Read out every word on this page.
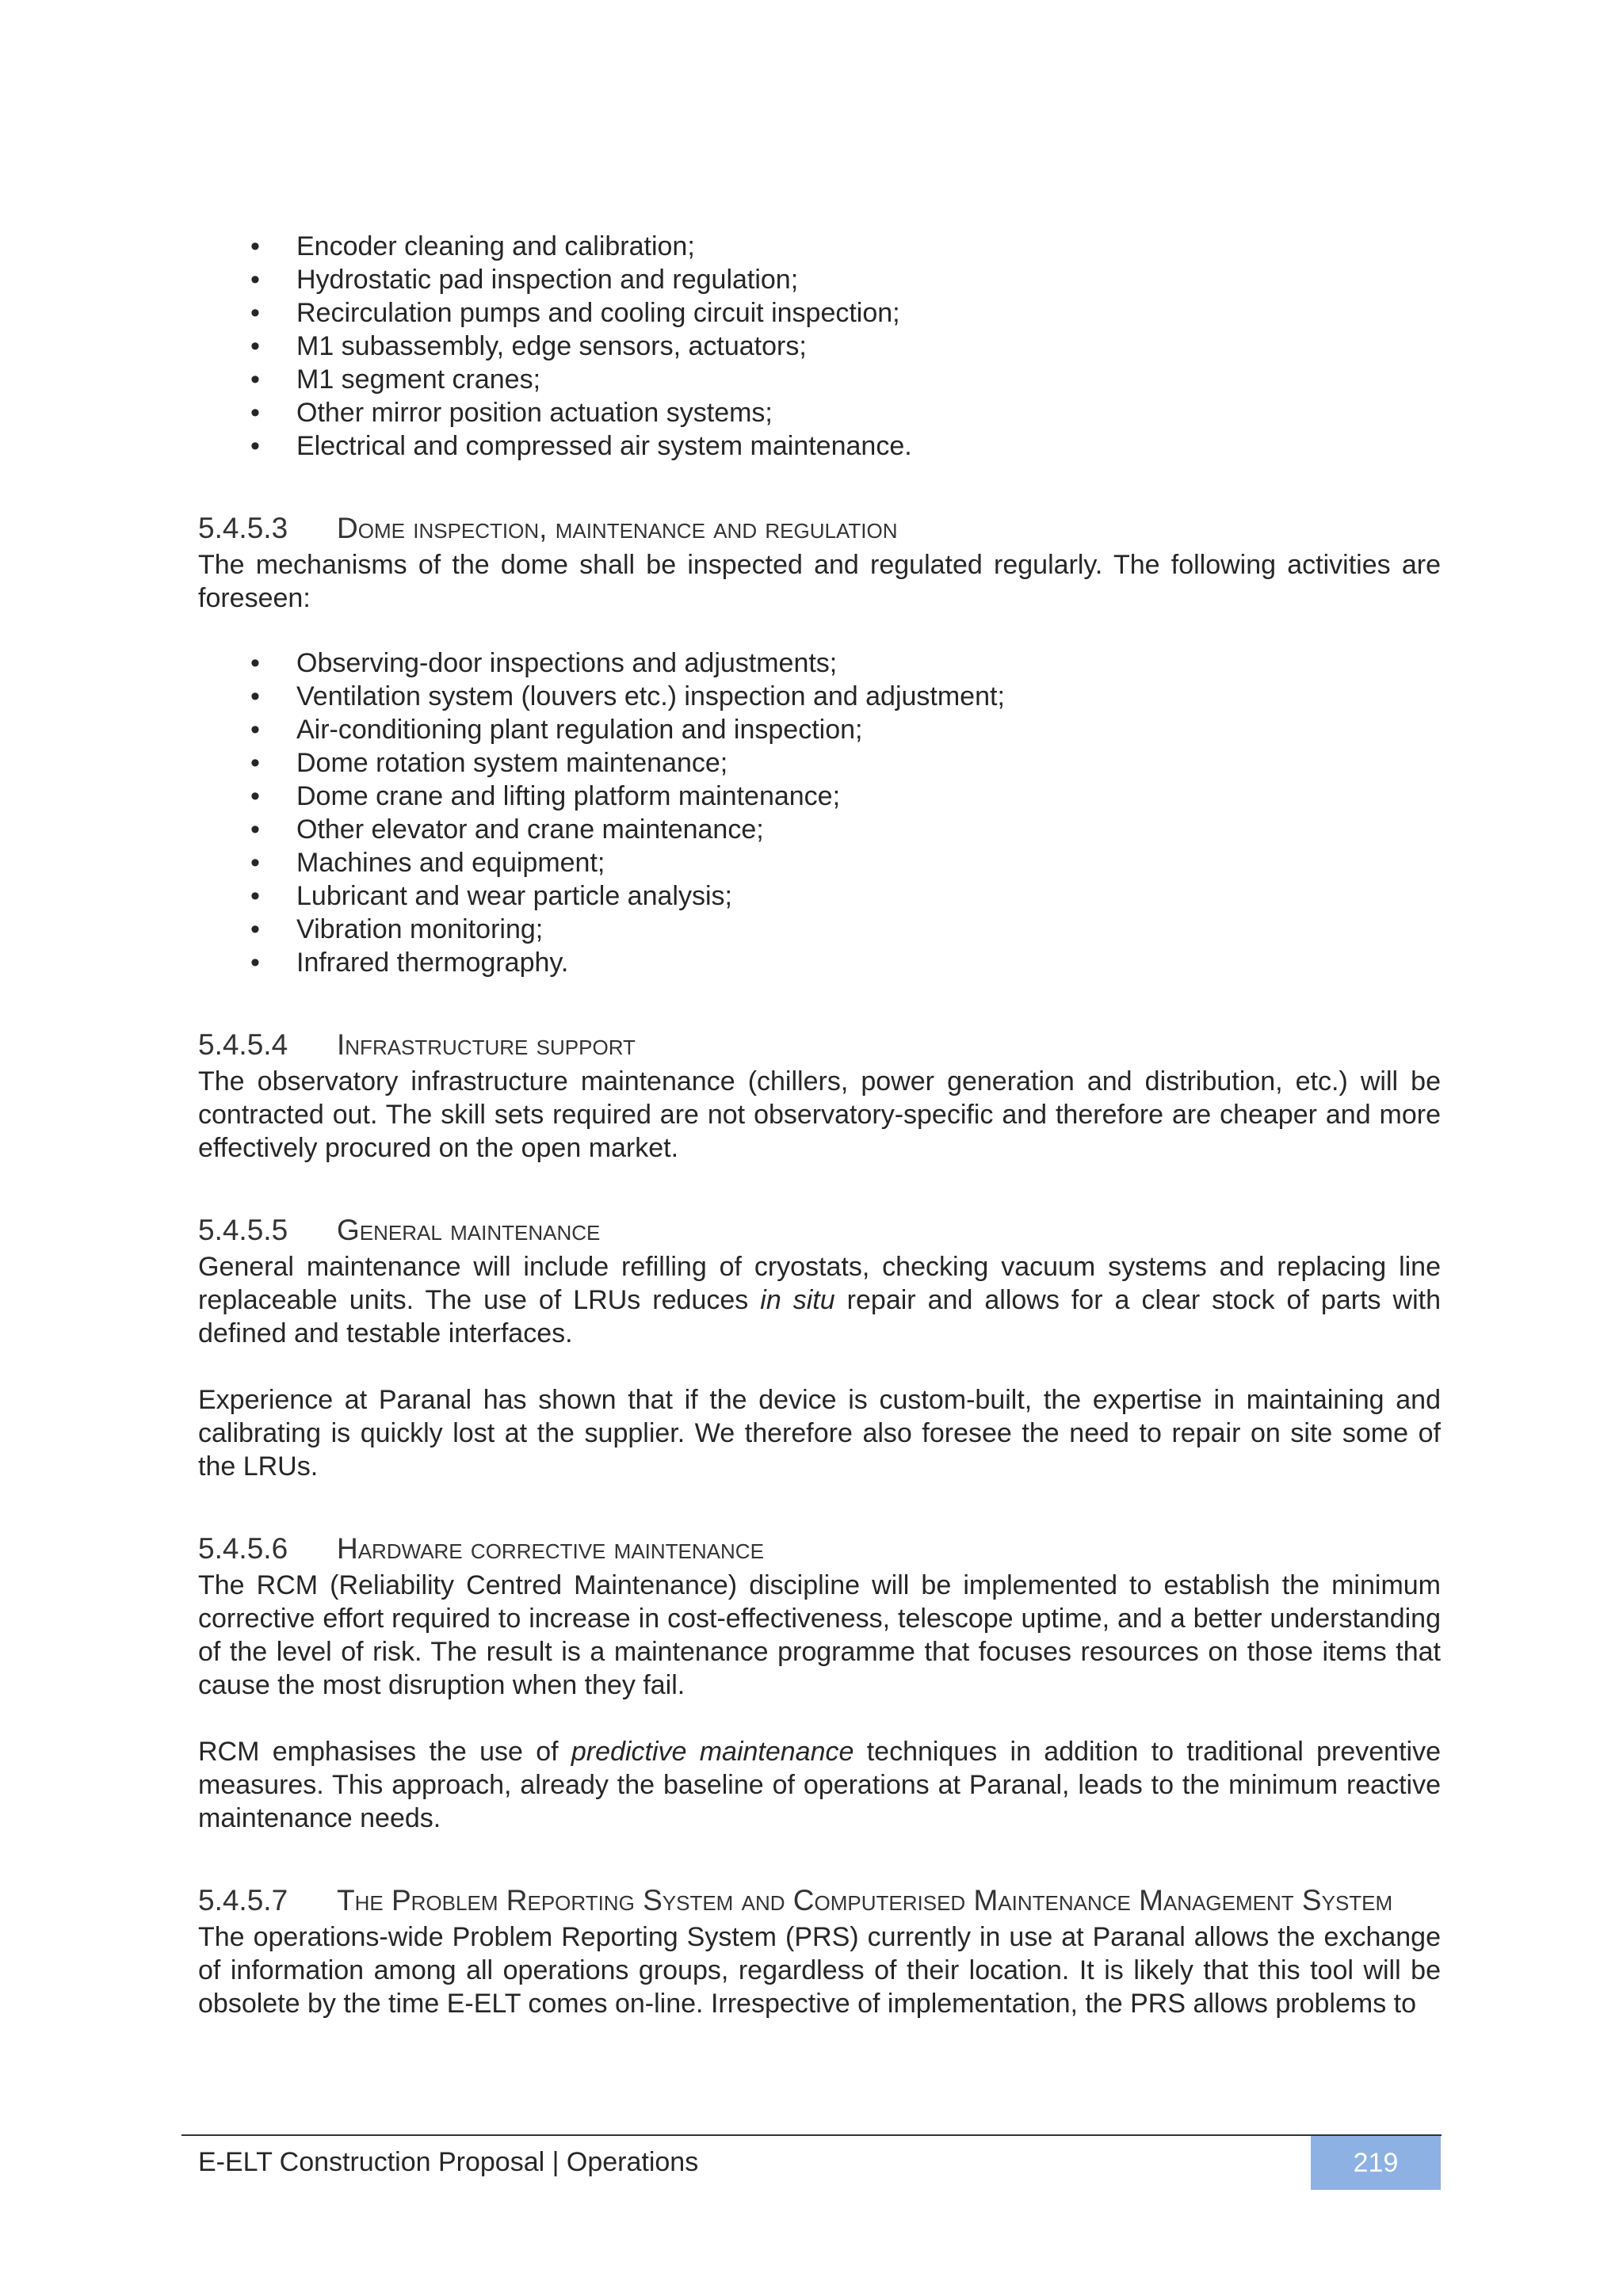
• Encoder cleaning and calibration;
• Hydrostatic pad inspection and regulation;
• Recirculation pumps and cooling circuit inspection;
• M1 subassembly, edge sensors, actuators;
• M1 segment cranes;
• Other mirror position actuation systems;
• Electrical and compressed air system maintenance.
5.4.5.3	Dome inspection, maintenance and regulation

The mechanisms of the dome shall be inspected and regulated regularly. The following activities are foreseen:

• Observing-door inspections and adjustments;
• Ventilation system (louvers etc.) inspection and adjustment;
• Air-conditioning plant regulation and inspection;
• Dome rotation system maintenance;
• Dome crane and lifting platform maintenance;
• Other elevator and crane maintenance;
• Machines and equipment;
• Lubricant and wear particle analysis;
• Vibration monitoring;
• Infrared thermography.
5.4.5.4	Infrastructure support

The observatory infrastructure maintenance (chillers, power generation and distribution, etc.) will be contracted out. The skill sets required are not observatory-specific and therefore are cheaper and more effectively procured on the open market.

5.4.5.5	General maintenance

General maintenance will include refilling of cryostats, checking vacuum systems and replacing line replaceable units. The use of LRUs reduces in situ repair and allows for a clear stock of parts with defined and testable interfaces.

Experience at Paranal has shown that if the device is custom-built, the expertise in maintaining and calibrating is quickly lost at the supplier. We therefore also foresee the need to repair on site some of the LRUs.

5.4.5.6	Hardware corrective maintenance

The RCM (Reliability Centred Maintenance) discipline will be implemented to establish the minimum corrective effort required to increase in cost-effectiveness, telescope uptime, and a better understanding of the level of risk. The result is a maintenance programme that focuses resources on those items that cause the most disruption when they fail.

RCM emphasises the use of predictive maintenance techniques in addition to traditional preventive measures. This approach, already the baseline of operations at Paranal, leads to the minimum reactive maintenance needs.

5.4.5.7	The Problem Reporting System and Computerised Maintenance Management System

The operations-wide Problem Reporting System (PRS) currently in use at Paranal allows the exchange of information among all operations groups, regardless of their location. It is likely that this tool will be obsolete by the time E-ELT comes on-line. Irrespective of implementation, the PRS allows problems to

E-ELT Construction Proposal | Operations	219
